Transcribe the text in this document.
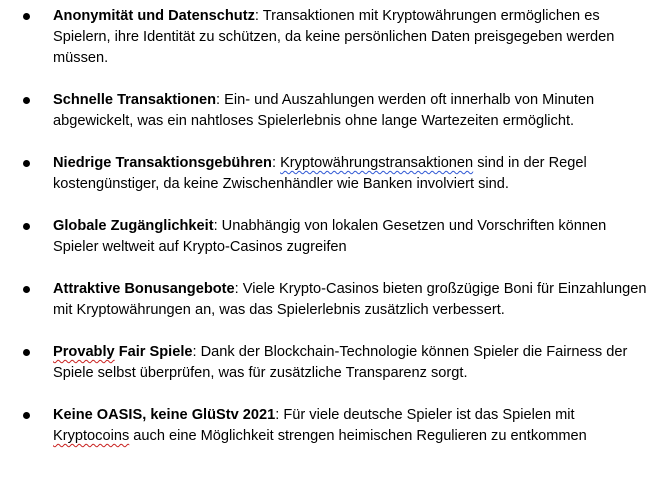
Anonymität und Datenschutz: Transaktionen mit Kryptowährungen ermöglichen es Spielern, ihre Identität zu schützen, da keine persönlichen Daten preisgegeben werden müssen.
Schnelle Transaktionen: Ein- und Auszahlungen werden oft innerhalb von Minuten abgewickelt, was ein nahtloses Spielerlebnis ohne lange Wartezeiten ermöglicht.
Niedrige Transaktionsgebühren: Kryptowährungstransaktionen sind in der Regel kostengünstiger, da keine Zwischenhändler wie Banken involviert sind.
Globale Zugänglichkeit: Unabhängig von lokalen Gesetzen und Vorschriften können Spieler weltweit auf Krypto-Casinos zugreifen
Attraktive Bonusangebote: Viele Krypto-Casinos bieten großzügige Boni für Einzahlungen mit Kryptowährungen an, was das Spielerlebnis zusätzlich verbessert.
Provably Fair Spiele: Dank der Blockchain-Technologie können Spieler die Fairness der Spiele selbst überprüfen, was für zusätzliche Transparenz sorgt.
Keine OASIS, keine GlüStv 2021: Für viele deutsche Spieler ist das Spielen mit Kryptocoins auch eine Möglichkeit strengen heimischen Regulieren zu entkommen
